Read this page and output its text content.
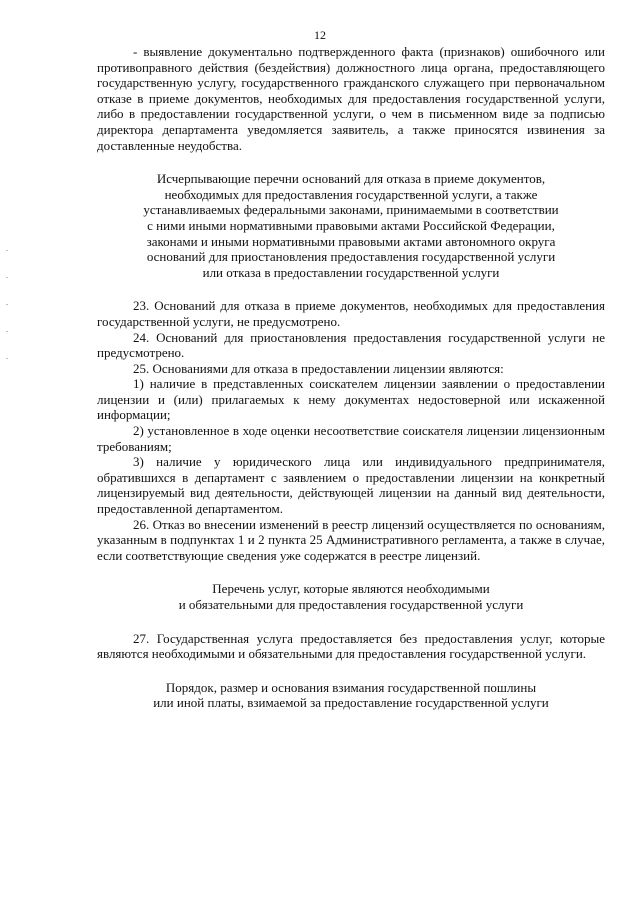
12

- выявление документально подтвержденного факта (признаков) ошибочного или противоправного действия (бездействия) должностного лица органа, предоставляющего государственную услугу, государственного гражданского служащего при первоначальном отказе в приеме документов, необходимых для предоставления государственной услуги, либо в предоставлении государственной услуги, о чем в письменном виде за подписью директора департамента уведомляется заявитель, а также приносятся извинения за доставленные неудобства.

Исчерпывающие перечни оснований для отказа в приеме документов,

необходимых для предоставления государственной услуги, а также

устанавливаемых федеральными законами, принимаемыми в соответствии

с ними иными нормативными правовыми актами Российской Федерации,

законами и иными нормативными правовыми актами автономного округа

оснований для приостановления предоставления государственной услуги

или отказа в предоставлении государственной услуги

23. Оснований для отказа в приеме документов, необходимых для предоставления государственной услуги, не предусмотрено.

24. Оснований для приостановления предоставления государственной услуги не предусмотрено.

25. Основаниями для отказа в предоставлении лицензии являются:

1) наличие в представленных соискателем лицензии заявлении о предоставлении лицензии и (или) прилагаемых к нему документах недостоверной или искаженной информации;

2) установленное в ходе оценки несоответствие соискателя лицензии лицензионным требованиям;

3) наличие у юридического лица или индивидуального предпринимателя, обратившихся в департамент с заявлением о предоставлении лицензии на конкретный лицензируемый вид деятельности, действующей лицензии на данный вид деятельности, предоставленной департаментом.

26. Отказ во внесении изменений в реестр лицензий осуществляется по основаниям, указанным в подпунктах 1 и 2 пункта 25 Административного регламента, а также в случае, если соответствующие сведения уже содержатся в реестре лицензий.

Перечень услуг, которые являются необходимыми

и обязательными для предоставления государственной услуги

27. Государственная услуга предоставляется без предоставления услуг, которые являются необходимыми и обязательными для предоставления государственной услуги.

Порядок, размер и основания взимания государственной пошлины

или иной платы, взимаемой за предоставление государственной услуги
